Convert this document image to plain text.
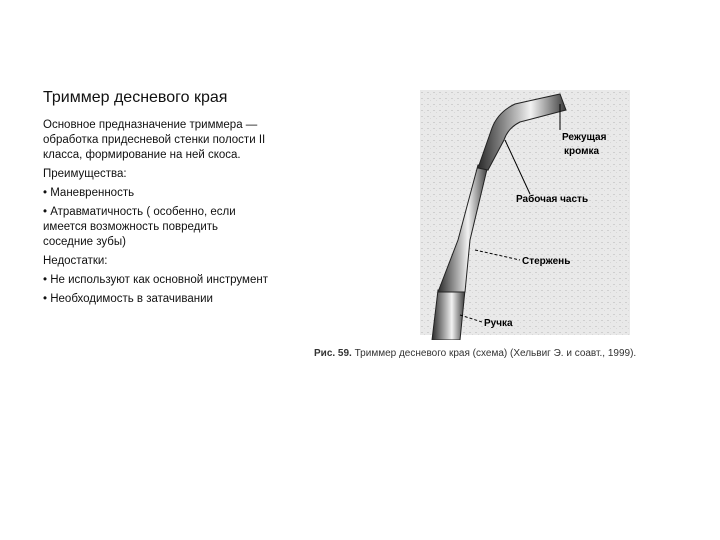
Триммер десневого края

Основное предназначение триммера — обработка придесневой стенки полости II класса, формирование на ней скоса.

Преимущества:

• Маневренность

• Атравматичность ( особенно, если имеется возможность повредить соседние зубы)

Недостатки:

• Не используют как основной инструмент

• Необходимость в затачивании

Режущая
кромка
Рабочая часть
Стержень
Ручка
Рис. 59. Триммер десневого края (схема) (Хельвиг Э. и соавт., 1999).
